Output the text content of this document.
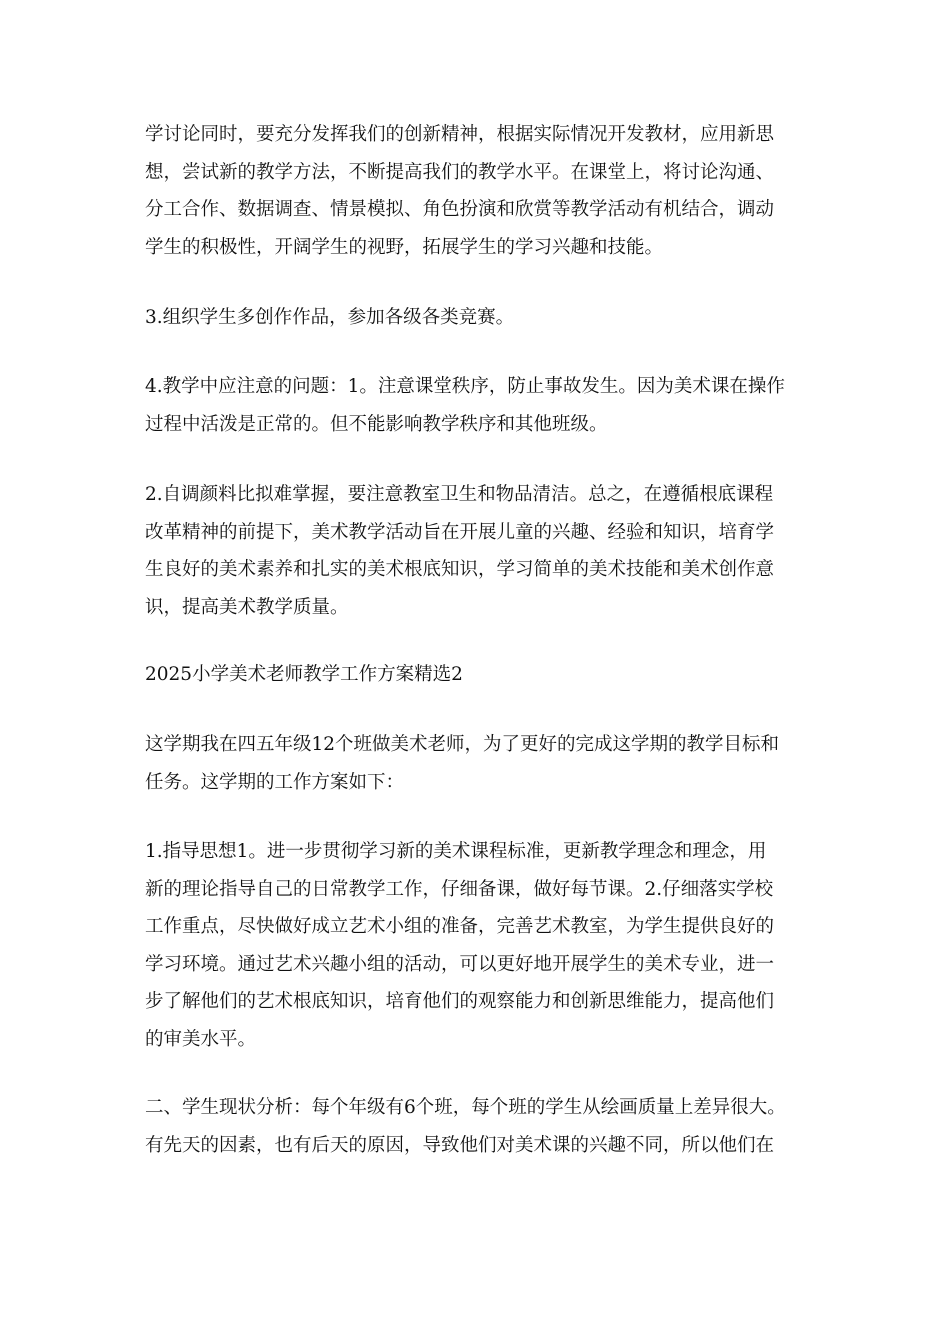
学讨论同时，要充分发挥我们的创新精神，根据实际情况开发教材，应用新思
想，尝试新的教学方法，不断提高我们的教学水平。在课堂上，将讨论沟通、
分工合作、数据调查、情景模拟、角色扮演和欣赏等教学活动有机结合，调动
学生的积极性，开阔学生的视野，拓展学生的学习兴趣和技能。
3.组织学生多创作作品，参加各级各类竞赛。
4.教学中应注意的问题：1。注意课堂秩序，防止事故发生。因为美术课在操作
过程中活泼是正常的。但不能影响教学秩序和其他班级。
2.自调颜料比拟难掌握，要注意教室卫生和物品清洁。总之，在遵循根底课程
改革精神的前提下，美术教学活动旨在开展儿童的兴趣、经验和知识，培育学
生良好的美术素养和扎实的美术根底知识，学习简单的美术技能和美术创作意
识，提高美术教学质量。
2025小学美术老师教学工作方案精选2
这学期我在四五年级12个班做美术老师，为了更好的完成这学期的教学目标和
任务。这学期的工作方案如下：
1.指导思想1。进一步贯彻学习新的美术课程标准，更新教学理念和理念，用
新的理论指导自己的日常教学工作，仔细备课，做好每节课。2.仔细落实学校
工作重点，尽快做好成立艺术小组的准备，完善艺术教室，为学生提供良好的
学习环境。通过艺术兴趣小组的活动，可以更好地开展学生的美术专业，进一
步了解他们的艺术根底知识，培育他们的观察能力和创新思维能力，提高他们
的审美水平。
二、学生现状分析：每个年级有6个班，每个班的学生从绘画质量上差异很大。
有先天的因素，也有后天的原因，导致他们对美术课的兴趣不同，所以他们在
